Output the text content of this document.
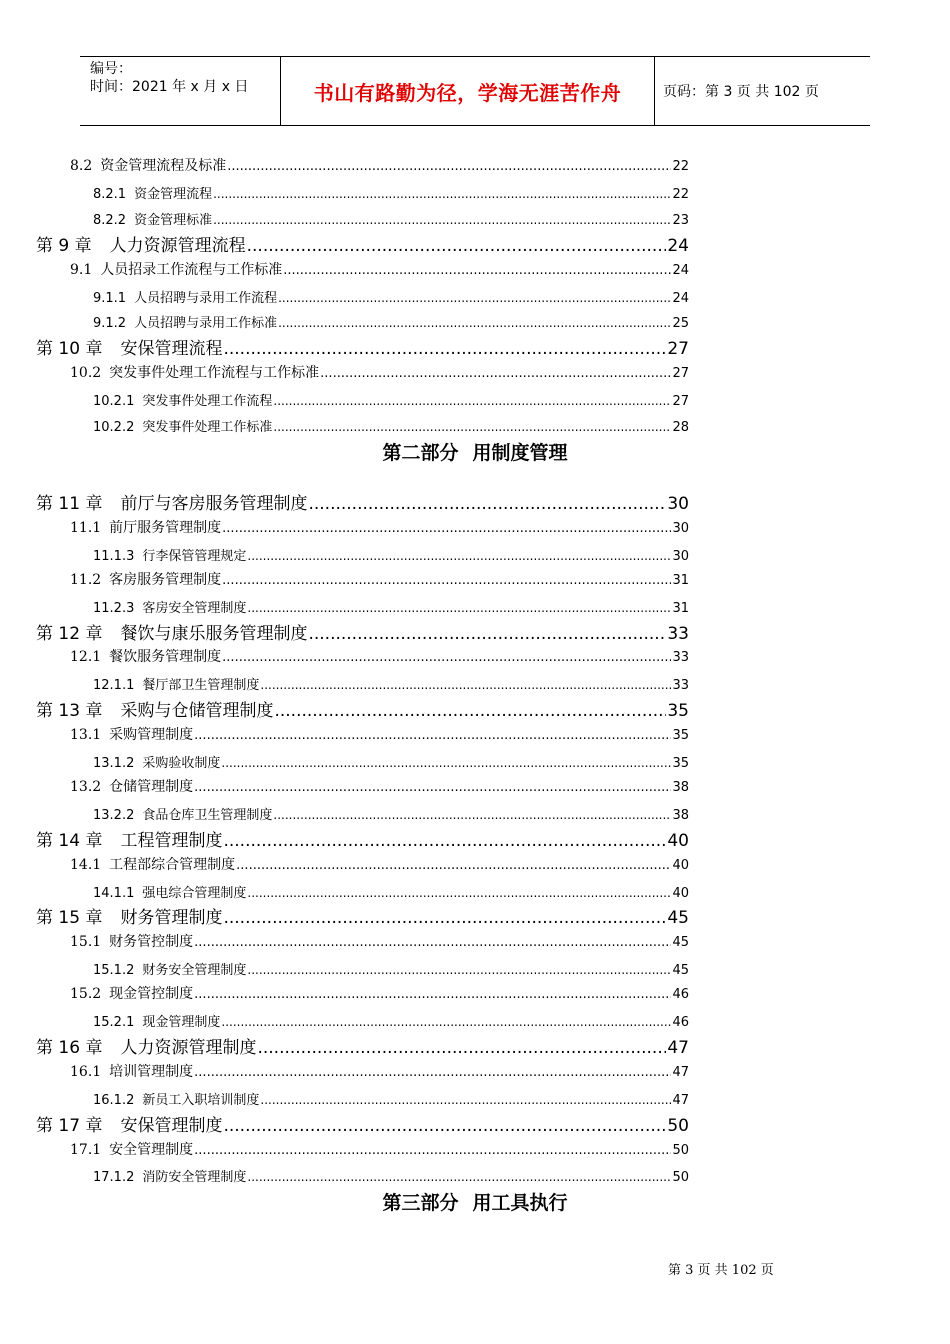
编号：
时间：2021 年 x 月 x 日	书山有路勤为径，学海无涯苦作舟	页码：第 3 页 共 102 页
8.2 资金管理流程及标准 .....	22
8.2.1 资金管理流程 .....	22
8.2.2 资金管理标准 .....	23
第 9 章 人力资源管理流程 .....	24
9.1 人员招录工作流程与工作标准 .....	24
9.1.1 人员招聘与录用工作流程 .....	24
9.1.2 人员招聘与录用工作标准 .....	25
第 10 章 安保管理流程 .....	27
10.2 突发事件处理工作流程与工作标准 .....	27
10.2.1 突发事件处理工作流程 .....	27
10.2.2 突发事件处理工作标准 .....	28
第 11 章 前厅与客房服务管理制度 .....	30
11.1 前厅服务管理制度 .....	30
11.1.3 行李保管管理规定 .....	30
11.2 客房服务管理制度 .....	31
11.2.3 客房安全管理制度 .....	31
第 12 章 餐饮与康乐服务管理制度 .....	33
12.1 餐饮服务管理制度 .....	33
12.1.1 餐厅部卫生管理制度 .....	33
第 13 章 采购与仓储管理制度 .....	35
13.1 采购管理制度 .....	35
13.1.2 采购验收制度 .....	35
13.2 仓储管理制度 .....	38
13.2.2 食品仓库卫生管理制度 .....	38
第 14 章 工程管理制度 .....	40
14.1 工程部综合管理制度 .....	40
14.1.1 强电综合管理制度 .....	40
第 15 章 财务管理制度 .....	45
15.1 财务管控制度 .....	45
15.1.2 财务安全管理制度 .....	45
15.2 现金管控制度 .....	46
15.2.1 现金管理制度 .....	46
第 16 章 人力资源管理制度 .....	47
16.1 培训管理制度 .....	47
16.1.2 新员工入职培训制度 .....	47
第 17 章 安保管理制度 .....	50
17.1 安全管理制度 .....	50
17.1.2 消防安全管理制度 .....	50
第二部分 用制度管理
第三部分 用工具执行
第 3 页 共 102 页
